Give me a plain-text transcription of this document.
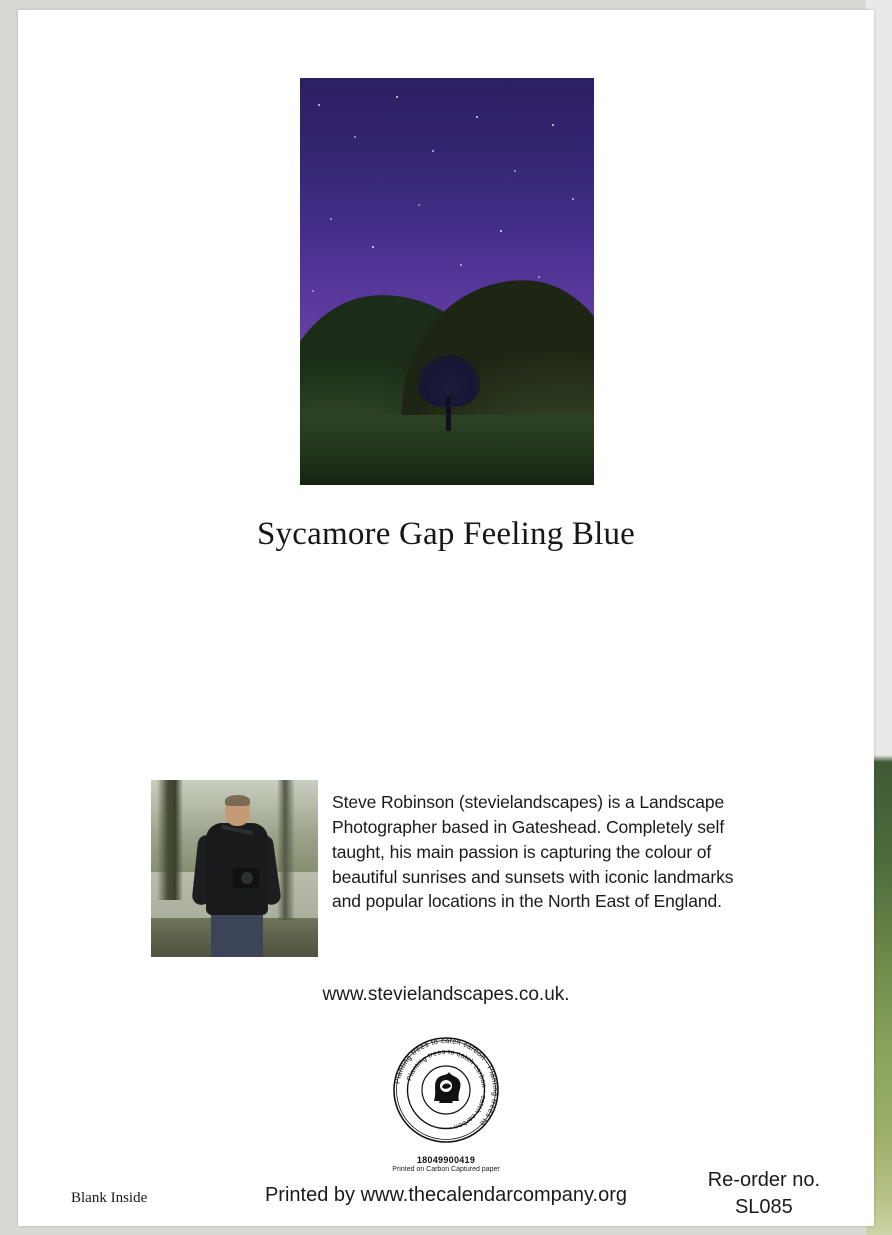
Sycamore Gap Feeling Blue
Steve Robinson (stevielandscapes) is a Landscape Photographer based in Gateshead. Completely self taught, his main passion is capturing the colour of beautiful sunrises and sunsets with iconic landmarks and popular locations in the North East of England.
www.stevielandscapes.co.uk.
Planting trees to catch carbon · Planting trees to
Planting trees to catch carbon · catch carbon ·
18049900419
Printed on Carbon Captured paper
Blank Inside	Printed by www.thecalendarcompany.org
Re-order no.
SL085
